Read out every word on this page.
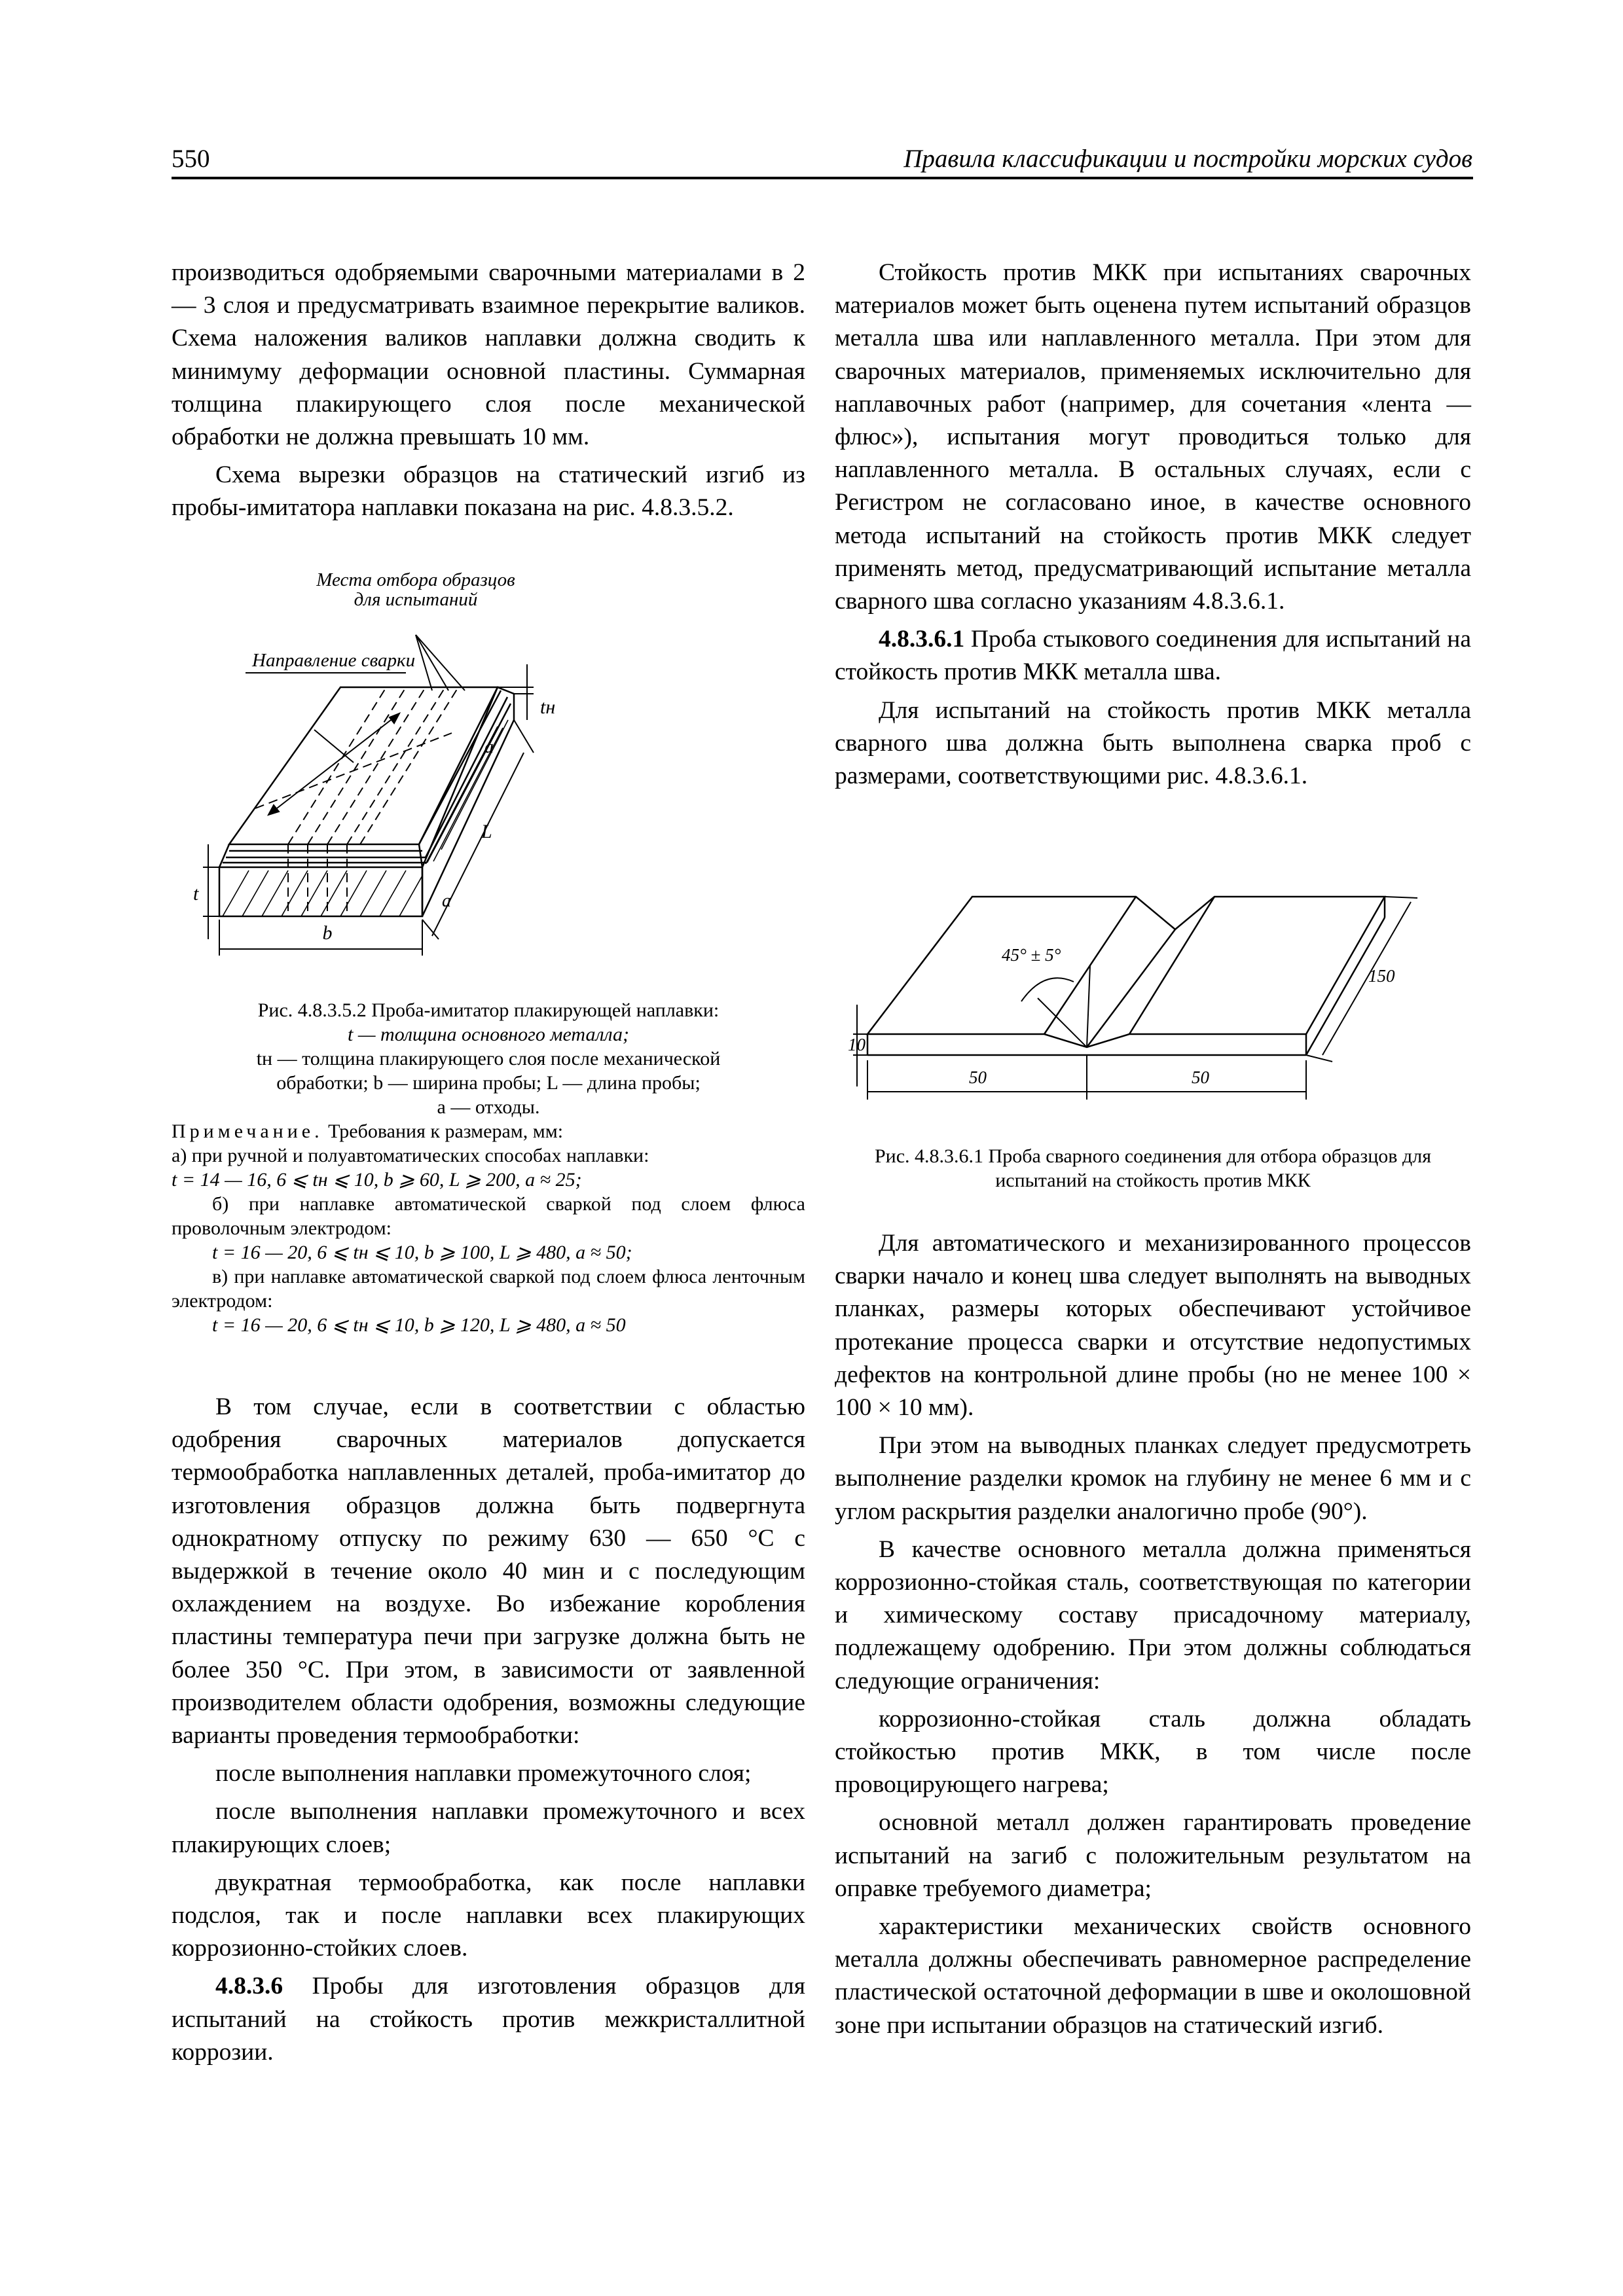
550	Правила классификации и постройки морских судов

производиться одобряемыми сварочными материалами в 2 — 3 слоя и предусматривать взаимное перекрытие валиков. Схема наложения валиков наплавки должна сводить к минимуму деформации основной пластины. Суммарная толщина плакирующего слоя после механической обработки не должна превышать 10 мм.

Схема вырезки образцов на статический изгиб из пробы-имитатора наплавки показана на рис. 4.8.3.5.2.

Места отбора образцов
для испытаний
Направление сварки
b
t
tн
L
a
a
Рис. 4.8.3.5.2 Проба-имитатор плакирующей наплавки:
t — толщина основного металла;
tн — толщина плакирующего слоя после механической
обработки; b — ширина пробы; L — длина пробы;
a — отходы.
Примечание. Требования к размерам, мм:
а) при ручной и полуавтоматических способах наплавки:
t = 14 — 16, 6 ⩽ tн ⩽ 10, b ⩾ 60, L ⩾ 200, a ≈ 25;
б) при наплавке автоматической сваркой под слоем флюса проволочным электродом:
t = 16 — 20, 6 ⩽ tн ⩽ 10, b ⩾ 100, L ⩾ 480, a ≈ 50;
в) при наплавке автоматической сваркой под слоем флюса ленточным электродом:
t = 16 — 20, 6 ⩽ tн ⩽ 10, b ⩾ 120, L ⩾ 480, a ≈ 50

В том случае, если в соответствии с областью одобрения сварочных материалов допускается термообработка наплавленных деталей, проба-имитатор до изготовления образцов должна быть подвергнута однократному отпуску по режиму 630 — 650 °С с выдержкой в течение около 40 мин и с последующим охлаждением на воздухе. Во избежание коробления пластины температура печи при загрузке должна быть не более 350 °С. При этом, в зависимости от заявленной производителем области одобрения, возможны следующие варианты проведения термообработки:

после выполнения наплавки промежуточного слоя;

после выполнения наплавки промежуточного и всех плакирующих слоев;

двукратная термообработка, как после наплавки подслоя, так и после наплавки всех плакирующих коррозионно-стойких слоев.

4.8.3.6 Пробы для изготовления образцов для испытаний на стойкость против межкристаллитной коррозии.

Стойкость против МКК при испытаниях сварочных материалов может быть оценена путем испытаний образцов металла шва или наплавленного металла. При этом для сварочных материалов, применяемых исключительно для наплавочных работ (например, для сочетания «лента — флюс»), испытания могут проводиться только для наплавленного металла. В остальных случаях, если с Регистром не согласовано иное, в качестве основного метода испытаний на стойкость против МКК следует применять метод, предусматривающий испытание металла сварного шва согласно указаниям 4.8.3.6.1.

4.8.3.6.1 Проба стыкового соединения для испытаний на стойкость против МКК металла шва.

Для испытаний на стойкость против МКК металла сварного шва должна быть выполнена сварка проб с размерами, соответствующими рис. 4.8.3.6.1.

45° ± 5°
150
10
50	50
Рис. 4.8.3.6.1 Проба сварного соединения для отбора образцов для испытаний на стойкость против МКК

Для автоматического и механизированного процессов сварки начало и конец шва следует выполнять на выводных планках, размеры которых обеспечивают устойчивое протекание процесса сварки и отсутствие недопустимых дефектов на контрольной длине пробы (но не менее 100 × 100 × 10 мм).

При этом на выводных планках следует предусмотреть выполнение разделки кромок на глубину не менее 6 мм и с углом раскрытия разделки аналогично пробе (90°).

В качестве основного металла должна применяться коррозионно-стойкая сталь, соответствующая по категории и химическому составу присадочному материалу, подлежащему одобрению. При этом должны соблюдаться следующие ограничения:

коррозионно-стойкая сталь должна обладать стойкостью против МКК, в том числе после провоцирующего нагрева;

основной металл должен гарантировать проведение испытаний на загиб с положительным результатом на оправке требуемого диаметра;

характеристики механических свойств основного металла должны обеспечивать равномерное распределение пластической остаточной деформации в шве и околошовной зоне при испытании образцов на статический изгиб.
